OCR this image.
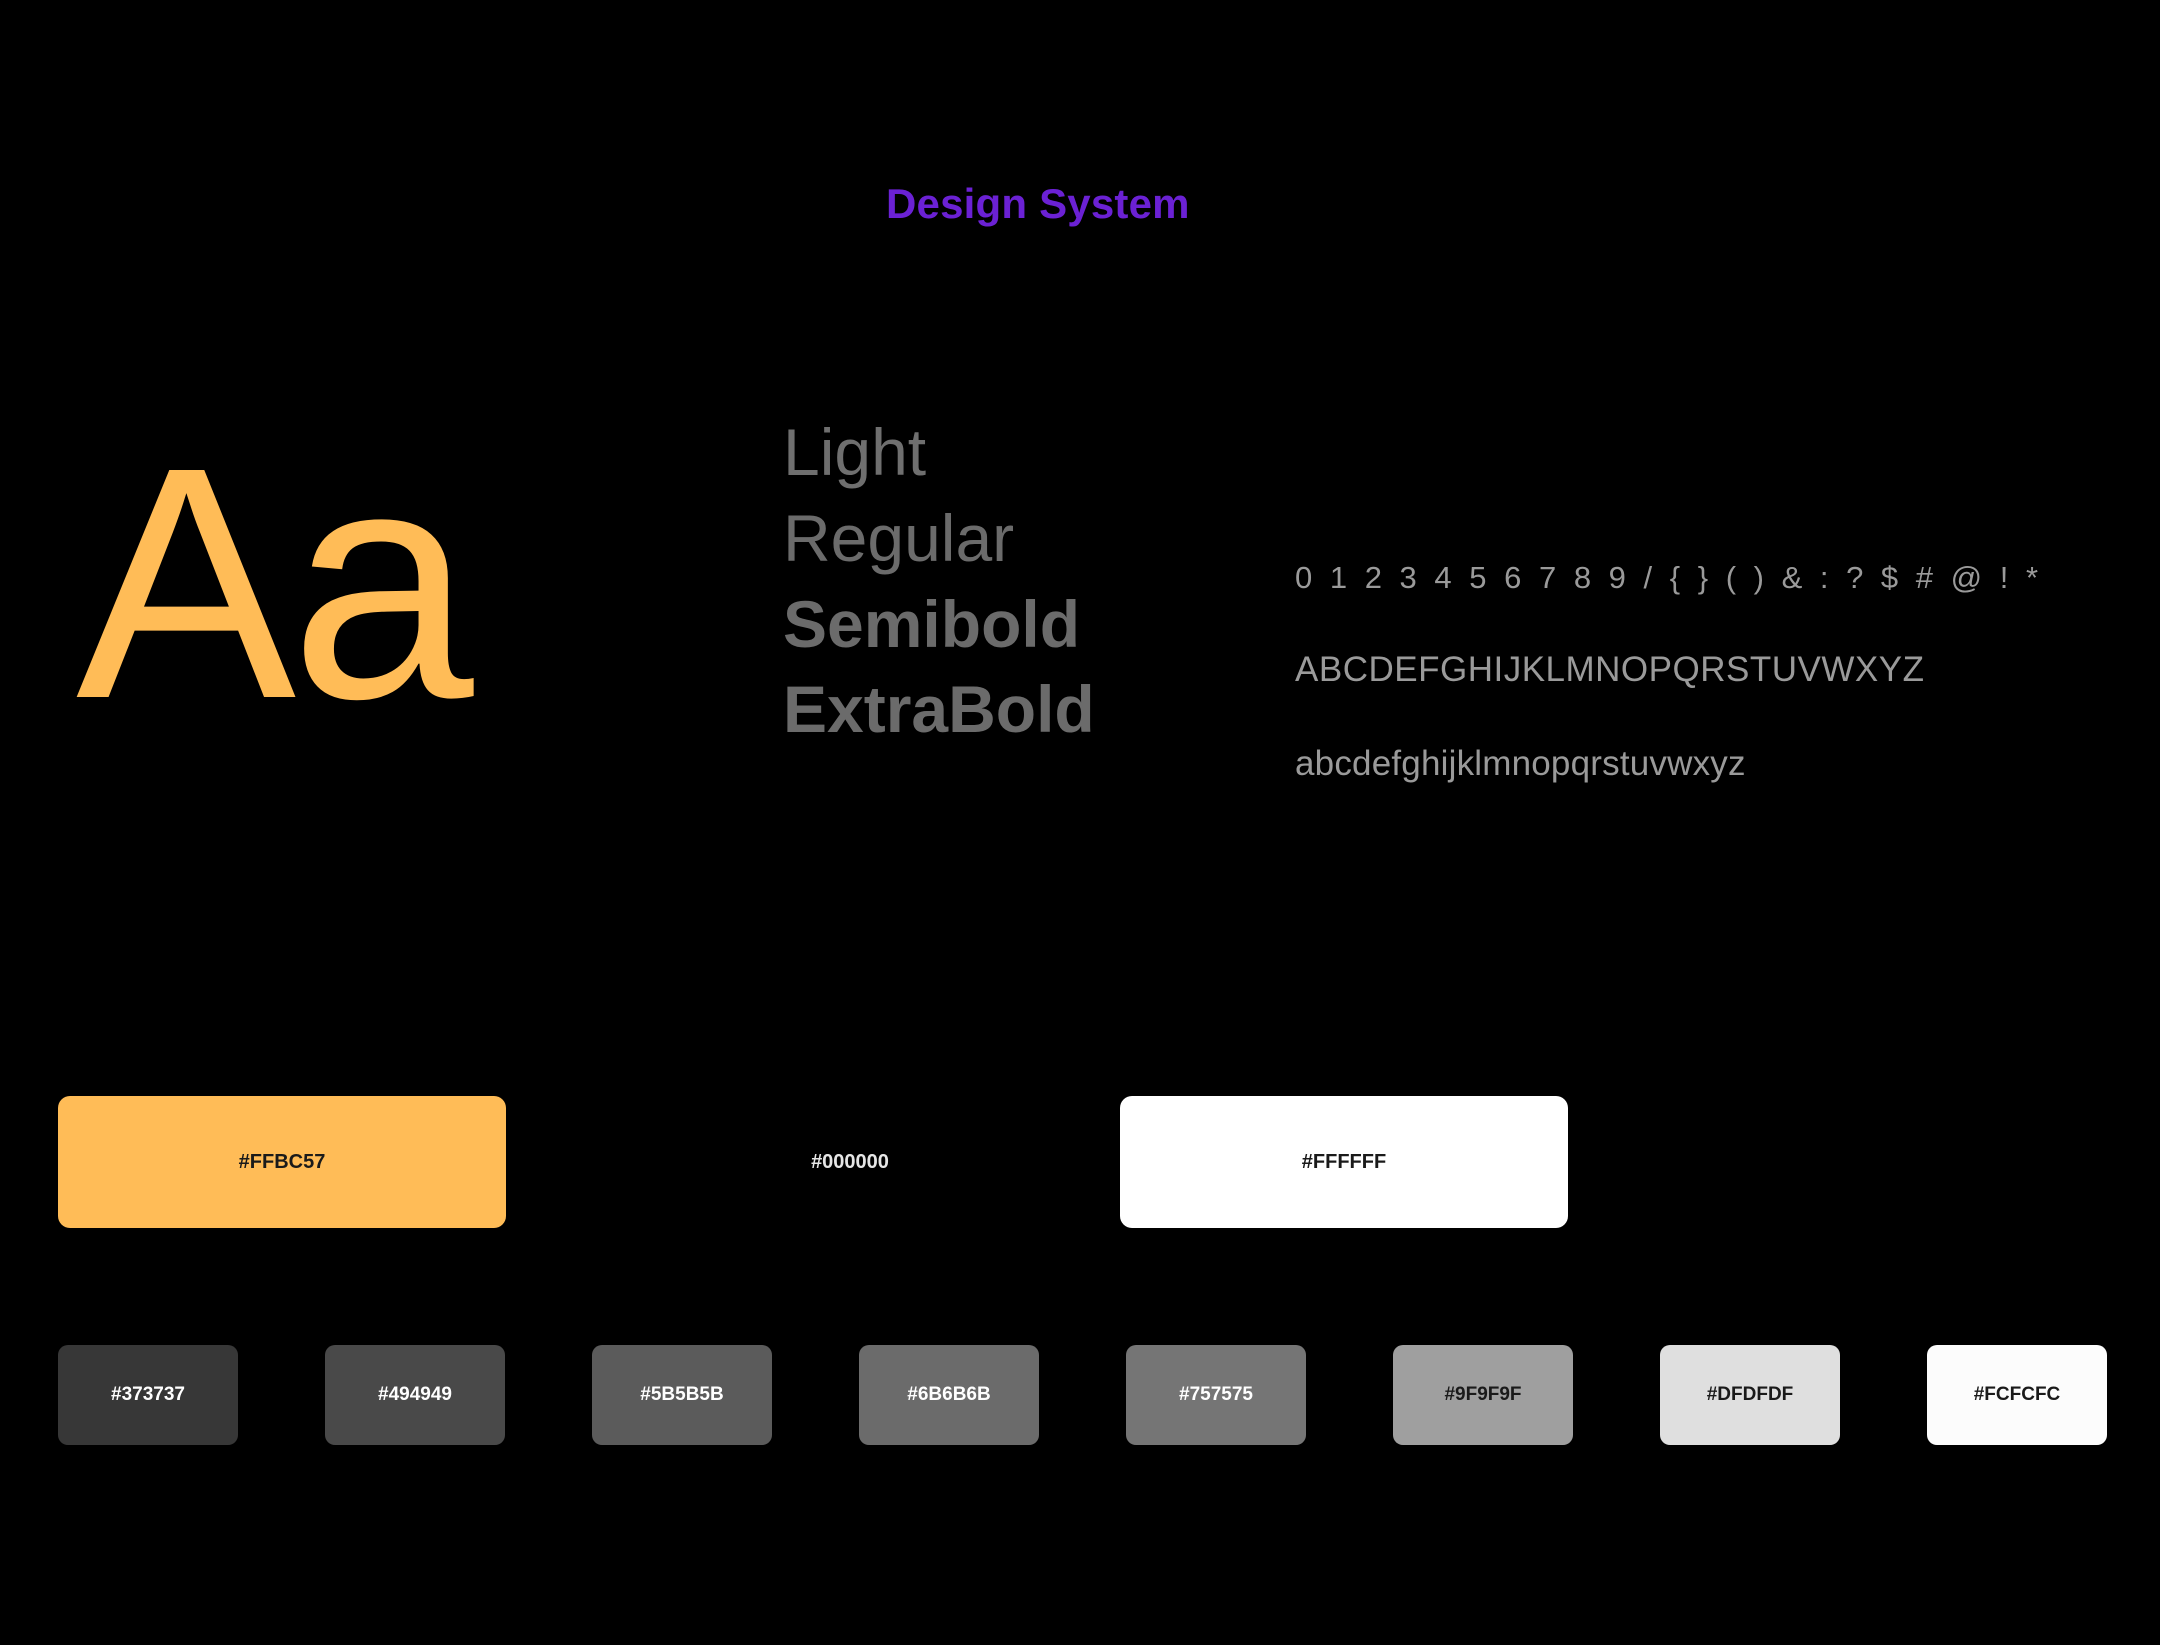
Design System
Aa	Light
Regular
Semibold
ExtraBold
0 1 2 3 4 5 6 7 8 9 / { } ( ) & : ? $ # @ ! *
ABCDEFGHIJKLMNOPQRSTUVWXYZ
abcdefghijklmnopqrstuvwxyz
#FFBC57	#000000	#FFFFFF
#373737	#494949	#5B5B5B	#6B6B6B	#757575	#9F9F9F	#DFDFDF	#FCFCFC
